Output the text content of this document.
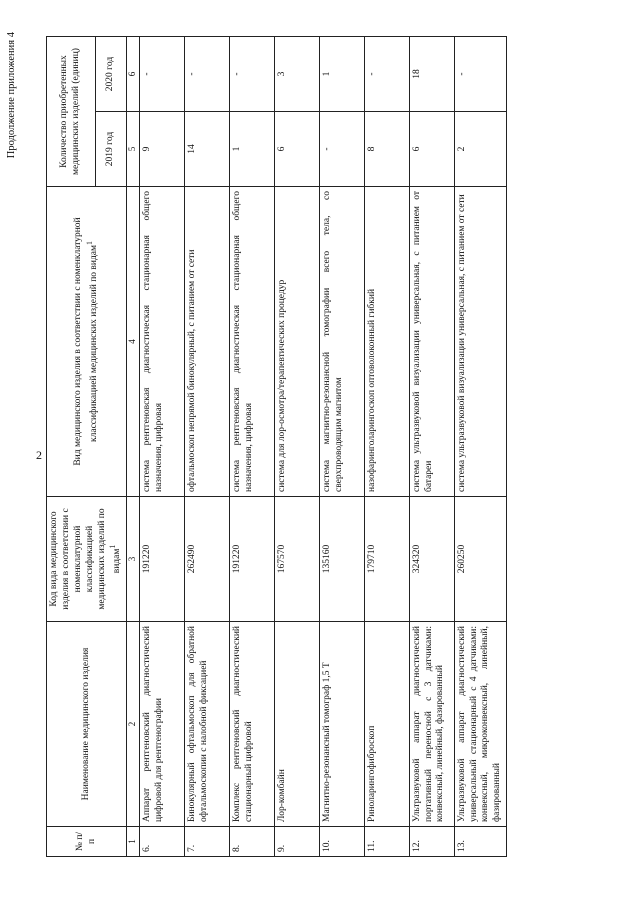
2
Продолжение приложения 4
№ п/п	Наименование медицинского изделия	Код вида медицинского изделия в соответствии с номенклатурной классификацией медицинских изделий по видам$^1$	Вид медицинского изделия в соответствии с номенклатурной классификацией медицинских изделий по видам$^1$	Количество приобретенных медицинских изделий (единиц)	
				2019 год	2020 год
1	2	3	4	5	6
6.	Аппарат рентгеновский диагностический цифровой для рентгенографии	191220	система рентгеновская диагностическая стационарная общего назначения, цифровая	9	-
7.	Бинокулярный офтальмоскоп для обратной офтальмоскопии с налобной фиксацией	262490	офтальмоскоп непрямой бинокулярный, с питанием от сети	14	-
8.	Комплекс рентгеновский диагностический стационарный цифровой	191220	система рентгеновская диагностическая стационарная общего назначения, цифровая	1	-
9.	Лор-комбайн	167570	система для лор-осмотра/терапевтических процедур	6	3
10.	Магнитно-резонансный томограф 1,5 Т	135160	система магнитно-резонансной томографии всего тела, со сверхпроводящим магнитом	-	1
11.	Риноларингофиброскоп	179710	назофаринголарингоскоп оптоволоконный гибкий	8	-
12.	Ультразвуковой аппарат диагностический портативный переносной с 3 датчиками: конвексный, линейный, фазированный	324320	система ультразвуковой визуализации универсальная, с питанием от батареи	6	18
13.	Ультразвуковой аппарат диагностический универсальный стационарный с 4 датчиками: конвексный, микроконвексный, линейный, фазированный	260250	система ультразвуковой визуализации универсальная, с питанием от сети	2	-
